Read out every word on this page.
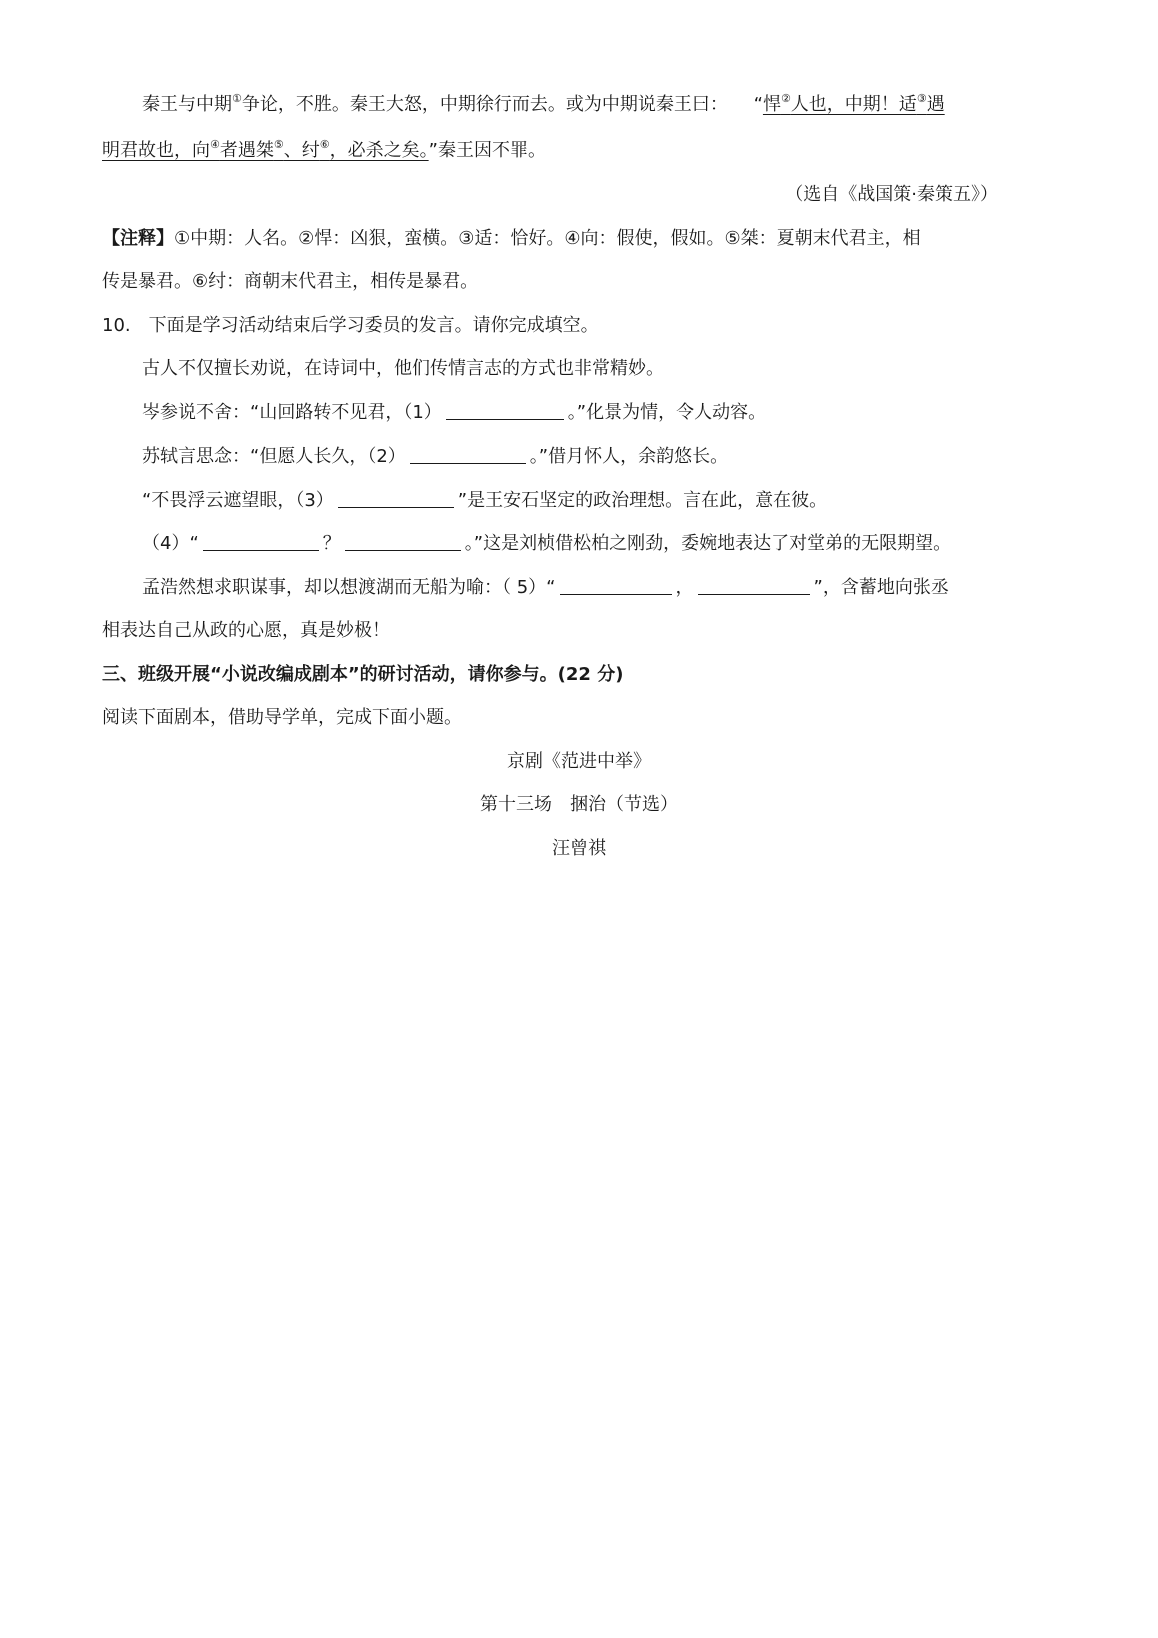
秦王与中期①争论，不胜。秦王大怒，中期徐行而去。或为中期说秦王曰： “悍②人也，中期！适③遇
明君故也，向④者遇桀⑤、纣⑥，必杀之矣。”秦王因不罪。
（选自《战国策·秦策五》）
【注释】①中期：人名。②悍：凶狠，蛮横。③适：恰好。④向：假使，假如。⑤桀：夏朝末代君主，相
传是暴君。⑥纣：商朝末代君主，相传是暴君。
10. 下面是学习活动结束后学习委员的发言。请你完成填空。
古人不仅擅长劝说，在诗词中，他们传情言志的方式也非常精妙。
岑参说不舍：“山回路转不见君，（1）	。”化景为情，令人动容。
苏轼言思念：“但愿人长久，（2）	。”借月怀人，余韵悠长。
“不畏浮云遮望眼，（3）	”是王安石坚定的政治理想。言在此，意在彼。
（4）“	？	。”这是刘桢借松柏之刚劲，委婉地表达了对堂弟的无限期望。
孟浩然想求职谋事，却以想渡湖而无船为喻：（ 5）“	，	”，含蓄地向张丞
相表达自己从政的心愿，真是妙极！
三、班级开展“小说改编成剧本”的研讨活动，请你参与。(22 分)
阅读下面剧本，借助导学单，完成下面小题。
京剧《范进中举》
第十三场　捆治（节选）
汪曾祺
